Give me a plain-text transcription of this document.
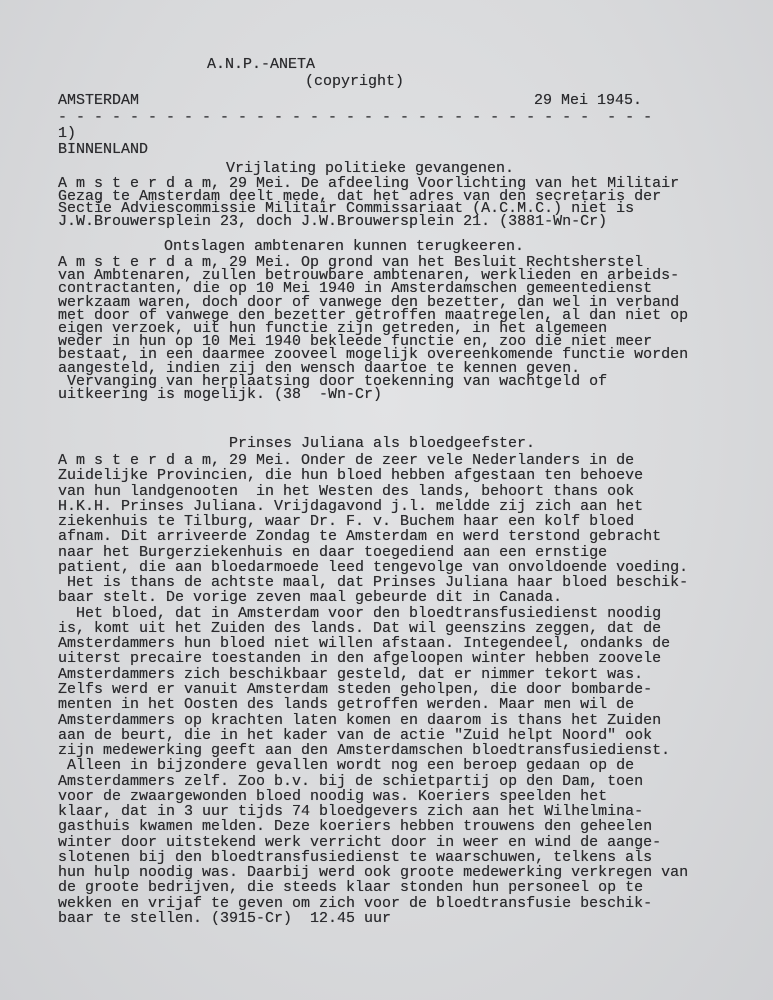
A.N.P.-ANETA
(copyright)
AMSTERDAM	29 Mei 1945.
- - - - - - - - - - - - - - - - - - - - - - - - - - - - - -  - - -
1)
BINNENLAND
Vrijlating politieke gevangenen.
A m s t e r d a m, 29 Mei. De afdeeling Voorlichting van het Militair
Gezag te Amsterdam deelt mede, dat het adres van den secretaris der
Sectie Adviescommissie Militair Commissariaat (A.C.M.C.) niet is
J.W.Brouwersplein 23, doch J.W.Brouwersplein 21. (3881-Wn-Cr)
Ontslagen ambtenaren kunnen terugkeeren.
A m s t e r d a m, 29 Mei. Op grond van het Besluit Rechtsherstel
van Ambtenaren, zullen betrouwbare ambtenaren, werklieden en arbeids-
contractanten, die op 10 Mei 1940 in Amsterdamschen gemeentedienst
werkzaam waren, doch door of vanwege den bezetter, dan wel in verband
met door of vanwege den bezetter getroffen maatregelen, al dan niet op
eigen verzoek, uit hun functie zijn getreden, in het algemeen
weder in hun op 10 Mei 1940 bekleede functie en, zoo die niet meer
bestaat, in een daarmee zooveel mogelijk overeenkomende functie worden
aangesteld, indien zij den wensch daartoe te kennen geven.
Vervanging van herplaatsing door toekenning van wachtgeld of
uitkeering is mogelijk. (38  -Wn-Cr)
Prinses Juliana als bloedgeefster.
A m s t e r d a m, 29 Mei. Onder de zeer vele Nederlanders in de
Zuidelijke Provincien, die hun bloed hebben afgestaan ten behoeve
van hun landgenooten  in het Westen des lands, behoort thans ook
H.K.H. Prinses Juliana. Vrijdagavond j.l. meldde zij zich aan het
ziekenhuis te Tilburg, waar Dr. F. v. Buchem haar een kolf bloed
afnam. Dit arriveerde Zondag te Amsterdam en werd terstond gebracht
naar het Burgerziekenhuis en daar toegediend aan een ernstige
patient, die aan bloedarmoede leed tengevolge van onvoldoende voeding.
Het is thans de achtste maal, dat Prinses Juliana haar bloed beschik-
baar stelt. De vorige zeven maal gebeurde dit in Canada.
Het bloed, dat in Amsterdam voor den bloedtransfusiedienst noodig
is, komt uit het Zuiden des lands. Dat wil geenszins zeggen, dat de
Amsterdammers hun bloed niet willen afstaan. Integendeel, ondanks de
uiterst precaire toestanden in den afgeloopen winter hebben zoovele
Amsterdammers zich beschikbaar gesteld, dat er nimmer tekort was.
Zelfs werd er vanuit Amsterdam steden geholpen, die door bombarde-
menten in het Oosten des lands getroffen werden. Maar men wil de
Amsterdammers op krachten laten komen en daarom is thans het Zuiden
aan de beurt, die in het kader van de actie "Zuid helpt Noord" ook
zijn medewerking geeft aan den Amsterdamschen bloedtransfusiedienst.
Alleen in bijzondere gevallen wordt nog een beroep gedaan op de
Amsterdammers zelf. Zoo b.v. bij de schietpartij op den Dam, toen
voor de zwaargewonden bloed noodig was. Koeriers speelden het
klaar, dat in 3 uur tijds 74 bloedgevers zich aan het Wilhelmina-
gasthuis kwamen melden. Deze koeriers hebben trouwens den geheelen
winter door uitstekend werk verricht door in weer en wind de aange-
slotenen bij den bloedtransfusiedienst te waarschuwen, telkens als
hun hulp noodig was. Daarbij werd ook groote medewerking verkregen van
de groote bedrijven, die steeds klaar stonden hun personeel op te
wekken en vrijaf te geven om zich voor de bloedtransfusie beschik-
baar te stellen. (3915-Cr)  12.45 uur
